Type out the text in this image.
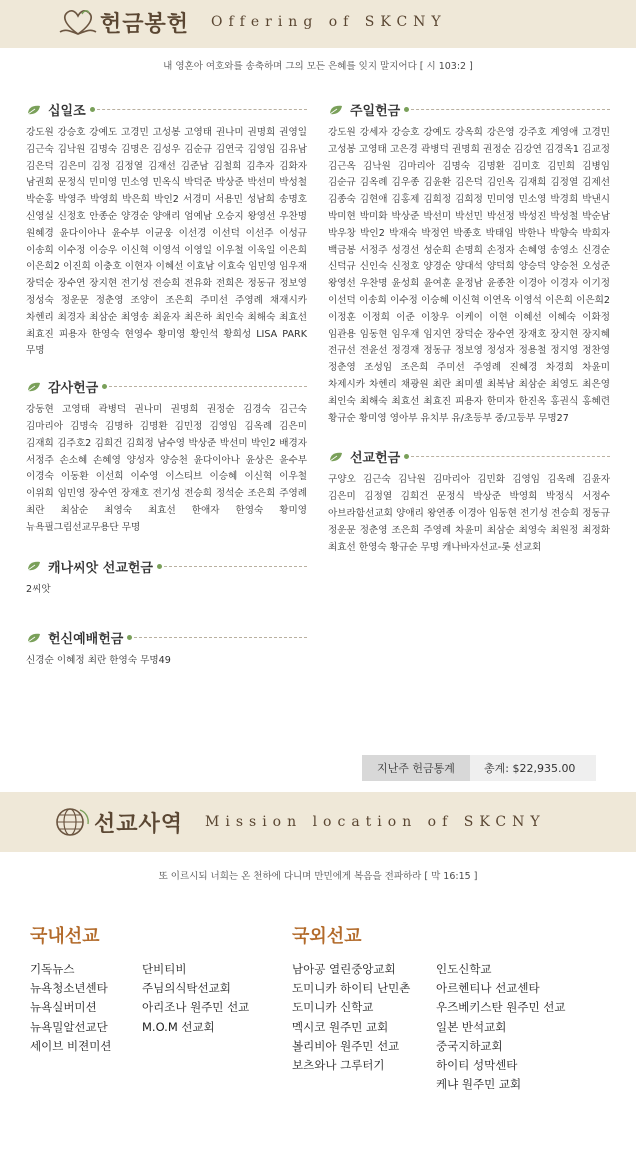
헌금봉헌 Offering of SKCNY
내 영혼아 여호와를 송축하며 그의 모든 은혜를 잊지 말지어다 [ 시 103:2 ]
십일조
강도원 강승호 강예도 고경민 고성봉 고영태 권나미 권명희 권영일 김근숙 김낙원 김명숙 김명은 김성우 김순규 김연국 김영임 김유남 김은덕 김은미 김정 김정열 김재선 김준남 김철희 김추자 김화자 남권희 문정식 민미영 민소영 민옥식 박덕준 박상준 박선미 박성철 박순홍 박영주 박영희 박은희 박인2 서경미 서용민 성남희 송명호 신영실 신정호 안종순 양경순 양애리 엄예남 오승지 왕영선 우찬명 원혜경 윤다이아나 윤수부 이균웅 이선경 이선덕 이선주 이성규 이송희 이수정 이승우 이신혁 이영석 이영일 이우철 이욱일 이은희 이은희2 이진희 이충호 이현자 이혜선 이효남 이효숙 임민영 임우재 장덕순 장수연 장지현 전기성 전승희 전유화 전희은 정동규 정보영 정성숙 정운문 정춘영 조양이 조은희 주미선 주영례 채재시카 차헨리 최경자 최삼순 최영송 최윤자 최은하 최인숙 최해숙 최효선 최효진 피용자 한영숙 현영수 황미영 황인석 황희성 LISA PARK 무명
감사헌금
강동현 고영태 곽병덕 권나미 권명희 권정순 김경숙 김근숙 김마리아 김명숙 김명하 김명환 김민정 김영임 김옥례 김은미 김재희 김주호2 김희건 김희정 남수영 박상준 박선미 박인2 배경자 서정주 손소혜 손혜영 양성자 양승천 윤다이아나 윤상은 윤수부 이경숙 이동환 이선희 이수영 이스티브 이승혜 이신혁 이우철 이위희 임민영 장수연 장재호 전기성 전승희 정석순 조은희 주영례 최란 최삼순 최영숙 최효선 한애자 한영숙 황미영 뉴욕필그림선교무용단 무명
캐나씨앗 선교헌금
2씨앗
헌신예배헌금
신경순 이혜정 최란 한영숙 무명49
주일헌금
강도원 강세자 강승호 강예도 강옥희 강은영 강주호 계영애 고경민 고성봉 고영태 고은경 곽병덕 권명희 권정순 김강연 김경옥1 김교정 김근옥 김낙원 김마리아 김명숙 김명환 김미호 김민희 김병임 김순규 김옥례 김우종 김윤환 김은덕 김인옥 김재희 김정열 김제선 김종숙 김현애 김홍제 김희정 김희정 민미영 민소영 박경희 박낸시 박미현 박미화 박상준 박선미 박선민 박선정 박성진 박성철 박순남 박우창 박인2 박재숙 박정연 박종호 박태임 박한나 박향숙 박희자 백금봉 서정주 성경선 성순희 손명희 손정자 손혜영 송영소 신경순 신덕규 신인숙 신정호 양경순 양대석 양덕희 양승덕 양승천 오성준 왕영선 우찬명 윤성희 윤여훈 윤정남 윤종찬 이경아 이경자 이기정 이선덕 이송희 이수정 이승혜 이신혁 이연옥 이영석 이은희 이은희2 이정훈 이정희 이준 이창우 이케이 이현 이혜선 이혜숙 이화정 임관용 임동현 임우재 임지연 장덕순 장수연 장재호 장지현 장지혜 전규선 전윤선 정경재 정동규 정보영 정성자 정용철 정지영 정찬영 정춘영 조성임 조은희 주미선 주영례 진혜경 차경희 차윤미 차제시카 차헨리 채광원 최란 최미셸 최복남 최삼순 최영도 최은영 최인숙 최해숙 최효선 최효진 피용자 한미자 한진옥 홍권식 홍혜련 황규순 황미영 영아부 유치부 유/초등부 중/고등부 무명27
선교헌금
구양오 김근숙 김낙원 김마리아 김민화 김영임 김옥례 김윤자 김은미 김정열 김희건 문정식 박상준 박영희 박정식 서정수 아브라함선교회 양애리 왕연종 이경아 임동현 전기성 전승희 정동규 정운문 정춘영 조은희 주영례 차윤미 최삼순 최영숙 최원정 최정화 최효선 한영숙 황규순 무명 캐나바자선교-롯 선교회
지난주 헌금통계	총계: $22,935.00
선교사역 Mission location of SKCNY
또 이르시되 너희는 온 천하에 다니며 만민에게 복음을 전파하라 [ 막 16:15 ]
국내선교
기독뉴스
뉴욕청소년센타
뉴욕실버미션
뉴욕밀알선교단
세이브 비젼미션
단비티비
주님의식탁선교회
아리조나 원주민 선교
M.O.M 선교회
국외선교
남아공 열린중앙교회
도미니카 하이티 난민촌
도미니카 신학교
멕시코 원주민 교회
볼리비아 원주민 선교
보츠와나 그루터기
인도신학교
아르헨티나 선교센타
우즈베키스탄 원주민 선교
일본 반석교회
중국지하교회
하이티 성막센타
케냐 원주민 교회
